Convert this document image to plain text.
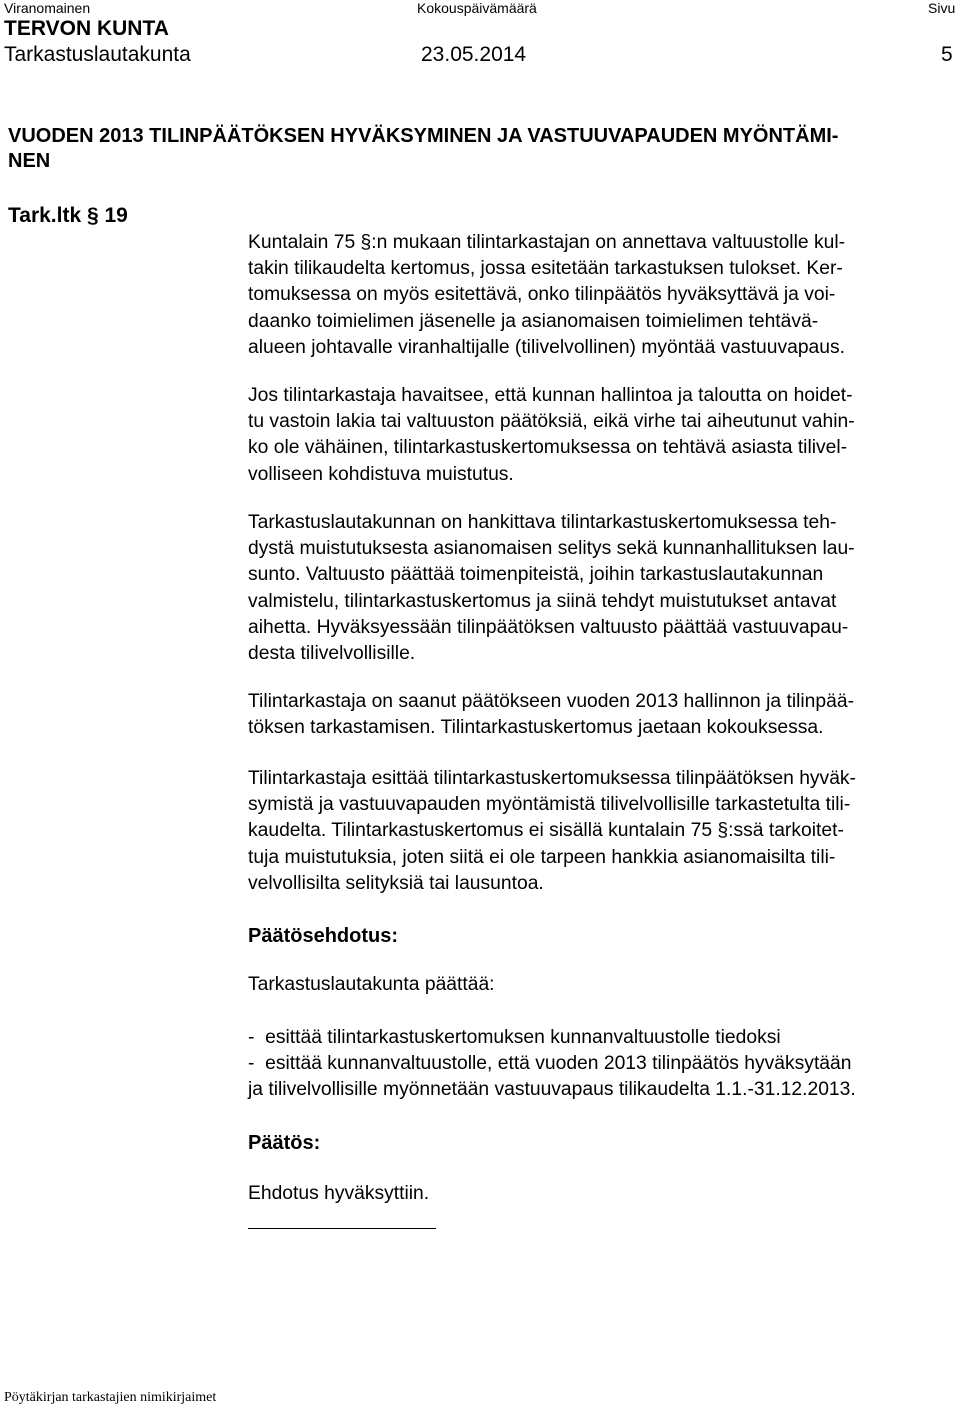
Viranomainen	Kokouspäivämäärä	Sivu
TERVON KUNTA
Tarkastuslautakunta	23.05.2014	5
VUODEN 2013 TILINPÄÄTÖKSEN HYVÄKSYMINEN JA VASTUUVAPAUDEN MYÖNTÄMI-
NEN
Tark.ltk § 19
Kuntalain 75 §:n mukaan tilintarkastajan on annettava valtuustolle kul-
takin tilikaudelta kertomus, jossa esitetään tarkastuksen tulokset. Ker-
tomuksessa on myös esitettävä, onko tilinpäätös hyväksyttävä ja voi-
daanko toimielimen jäsenelle ja asianomaisen toimielimen tehtävä-
alueen johtavalle viranhaltijalle (tilivelvollinen) myöntää vastuuvapaus.
Jos tilintarkastaja havaitsee, että kunnan hallintoa ja taloutta on hoidet-
tu vastoin lakia tai valtuuston päätöksiä, eikä virhe tai aiheutunut vahin-
ko ole vähäinen, tilintarkastuskertomuksessa on tehtävä asiasta tilivel-
volliseen kohdistuva muistutus.
Tarkastuslautakunnan on hankittava tilintarkastuskertomuksessa teh-
dystä muistutuksesta asianomaisen selitys sekä kunnanhallituksen lau-
sunto. Valtuusto päättää toimenpiteistä, joihin tarkastuslautakunnan
valmistelu, tilintarkastuskertomus ja siinä tehdyt muistutukset antavat
aihetta. Hyväksyessään tilinpäätöksen valtuusto päättää vastuuvapau-
desta tilivelvollisille.
Tilintarkastaja on saanut päätökseen vuoden 2013 hallinnon ja tilinpää-
töksen tarkastamisen. Tilintarkastuskertomus jaetaan kokouksessa.
Tilintarkastaja esittää tilintarkastuskertomuksessa tilinpäätöksen hyväk-
symistä ja vastuuvapauden myöntämistä tilivelvollisille tarkastetulta tili-
kaudelta. Tilintarkastuskertomus ei sisällä kuntalain 75 §:ssä tarkoitet-
tuja muistutuksia, joten siitä ei ole tarpeen hankkia asianomaisilta tili-
velvollisilta selityksiä tai lausuntoa.
Päätösehdotus:
Tarkastuslautakunta päättää:
-  esittää tilintarkastuskertomuksen kunnanvaltuustolle tiedoksi
-  esittää kunnanvaltuustolle, että vuoden 2013 tilinpäätös hyväksytään
ja tilivelvollisille myönnetään vastuuvapaus tilikaudelta 1.1.-31.12.2013.
Päätös:
Ehdotus hyväksyttiin.
Pöytäkirjan tarkastajien nimikirjaimet
